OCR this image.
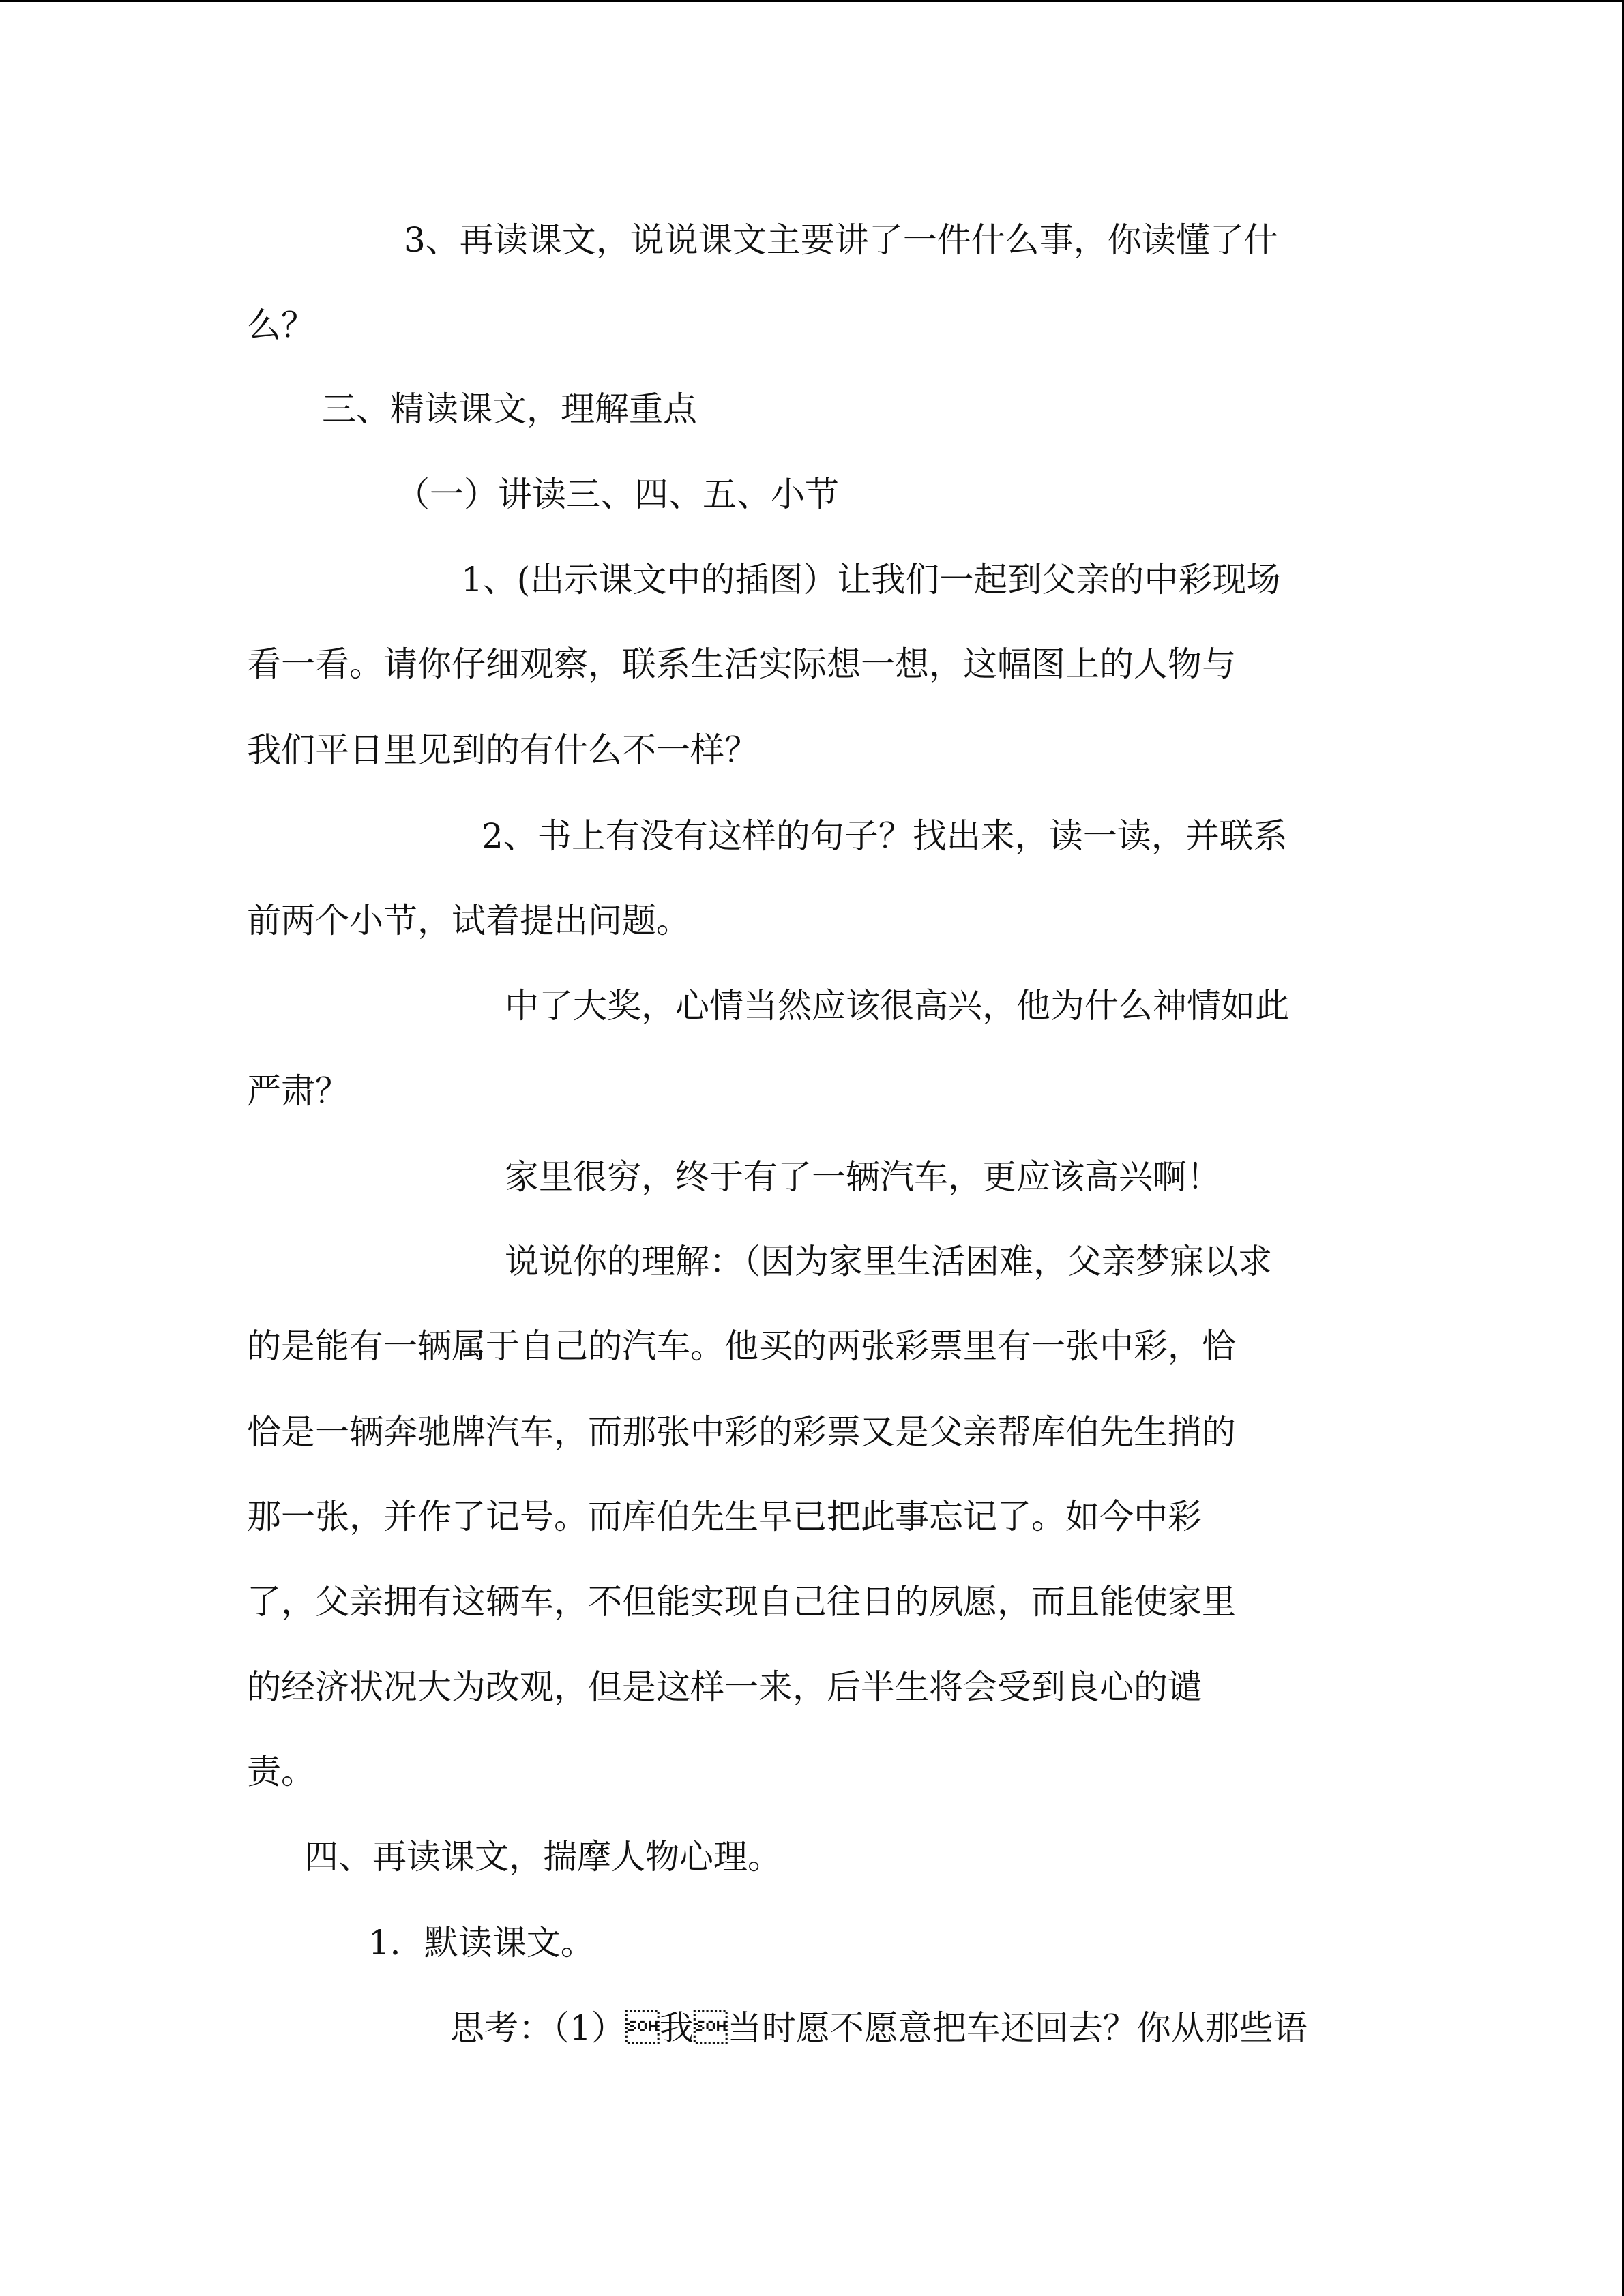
3、再读课文，说说课文主要讲了一件什么事，你读懂了什
么？
三、精读课文，理解重点
（一）讲读三、四、五、小节
1、(出示课文中的插图）让我们一起到父亲的中彩现场
看一看。请你仔细观察，联系生活实际想一想，这幅图上的人物与
我们平日里见到的有什么不一样？
2、书上有没有这样的句子？找出来，读一读，并联系
前两个小节，试着提出问题。
中了大奖，心情当然应该很高兴，他为什么神情如此
严肃？
家里很穷，终于有了一辆汽车，更应该高兴啊！
说说你的理解：（因为家里生活困难，父亲梦寐以求
的是能有一辆属于自己的汽车。他买的两张彩票里有一张中彩，恰
恰是一辆奔驰牌汽车，而那张中彩的彩票又是父亲帮库伯先生捎的
那一张，并作了记号。而库伯先生早已把此事忘记了。如今中彩
了，父亲拥有这辆车，不但能实现自己往日的夙愿，而且能使家里
的经济状况大为改观，但是这样一来，后半生将会受到良心的谴
责。
四、再读课文，揣摩人物心理。
1．默读课文。
思考：（1）我当时愿不愿意把车还回去？你从那些语
